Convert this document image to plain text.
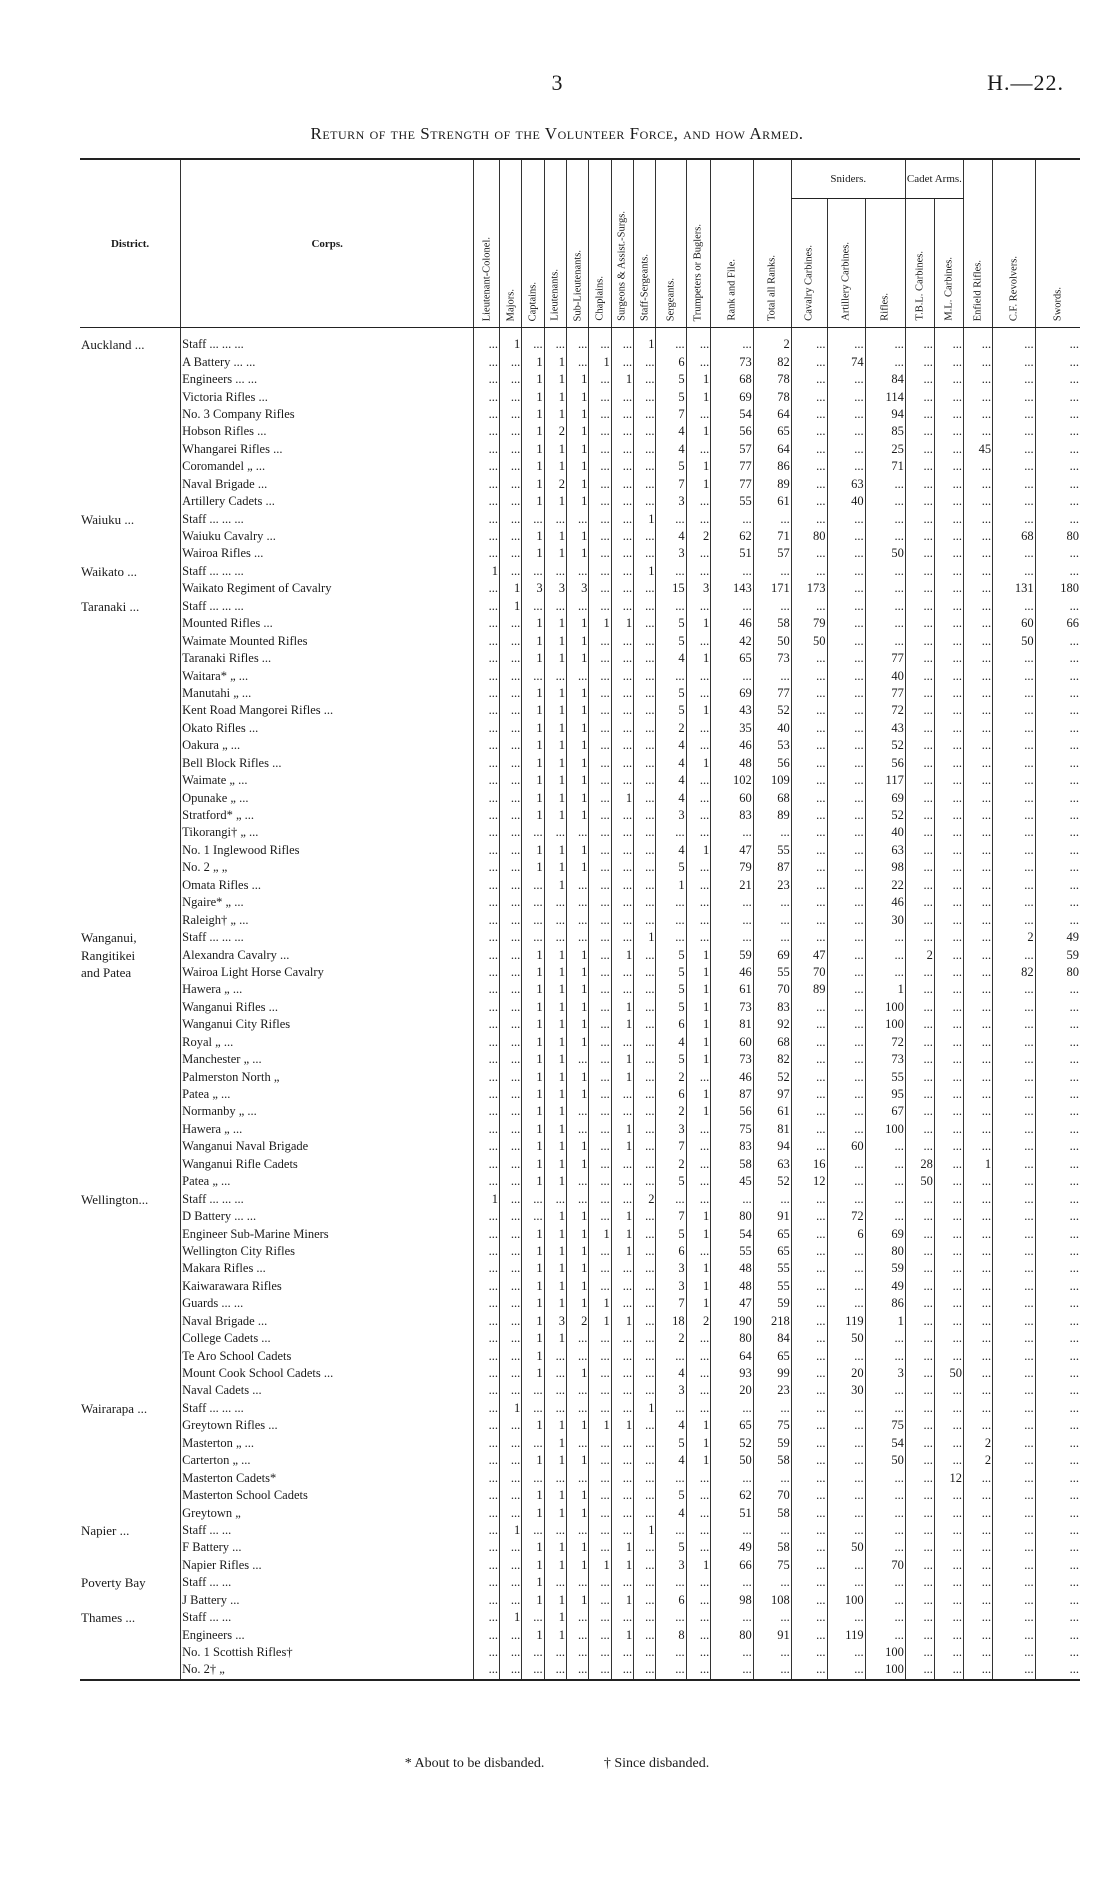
3	H.—22.
Return of the Strength of the Volunteer Force, and how Armed.
District.	Corps.	Lieutenant-Colonel.	Majors.	Captains.	Lieutenants.	Sub-Lieutenants.	Chaplains.	Surgeons & Assist.-Surgs.	Staff-Sergeants.	Sergeants.	Trumpeters or Buglers.	Rank and File.	Total all Ranks.	Sniders.			Cadet Arms.		Enfield Rifles.	C.F. Revolvers.	Swords.

														Cavalry Carbines.	Artillery Carbines.	Rifles.	T.B.L. Carbines.	M.L. Carbines.			

Auckland ...	Staff ... ... ...	...	1	...	...	...	...	...	1	...	...	...	2	...	...	...	...	...	...	...	...
	A Battery ... ...	...	...	1	1	...	1	...	...	6	...	73	82	...	74	...	...	...	...	...	...
	Engineers ... ...	...	...	1	1	1	...	1	...	5	1	68	78	...	...	84	...	...	...	...	...
	Victoria Rifles ...	...	...	1	1	1	...	...	...	5	1	69	78	...	...	114	...	...	...	...	...
	No. 3 Company Rifles	...	...	1	1	1	...	...	...	7	...	54	64	...	...	94	...	...	...	...	...
	Hobson Rifles ...	...	...	1	2	1	...	...	...	4	1	56	65	...	...	85	...	...	...	...	...
	Whangarei Rifles ...	...	...	1	1	1	...	...	...	4	...	57	64	...	...	25	...	...	45	...	...
	Coromandel „ ...	...	...	1	1	1	...	...	...	5	1	77	86	...	...	71	...	...	...	...	...
	Naval Brigade ...	...	...	1	2	1	...	...	...	7	1	77	89	...	63	...	...	...	...	...	...
	Artillery Cadets ...	...	...	1	1	1	...	...	...	3	...	55	61	...	40	...	...	...	...	...	...
Waiuku ...	Staff ... ... ...	...	...	...	...	...	...	...	1	...	...	...	...	...	...	...	...	...	...	...	...
	Waiuku Cavalry ...	...	...	1	1	1	...	...	...	4	2	62	71	80	...	...	...	...	...	68	80
	Wairoa Rifles ...	...	...	1	1	1	...	...	...	3	...	51	57	...	...	50	...	...	...	...	...
Waikato ...	Staff ... ... ...	1	...	...	...	...	...	...	1	...	...	...	...	...	...	...	...	...	...	...	...
	Waikato Regiment of Cavalry	...	1	3	3	3	...	...	...	15	3	143	171	173	...	...	...	...	...	131	180
Taranaki ...	Staff ... ... ...	...	1	...	...	...	...	...	...	...	...	...	...	...	...	...	...	...	...	...	...
	Mounted Rifles ...	...	...	1	1	1	1	1	...	5	1	46	58	79	...	...	...	...	...	60	66
	Waimate Mounted Rifles	...	...	1	1	1	...	...	...	5	...	42	50	50	...	...	...	...	...	50	...
	Taranaki Rifles ...	...	...	1	1	1	...	...	...	4	1	65	73	...	...	77	...	...	...	...	...
	Waitara* „ ...	...	...	...	...	...	...	...	...	...	...	...	...	...	...	40	...	...	...	...	...
	Manutahi „ ...	...	...	1	1	1	...	...	...	5	...	69	77	...	...	77	...	...	...	...	...
	Kent Road Mangorei Rifles ...	...	...	1	1	1	...	...	...	5	1	43	52	...	...	72	...	...	...	...	...
	Okato Rifles ...	...	...	1	1	1	...	...	...	2	...	35	40	...	...	43	...	...	...	...	...
	Oakura „ ...	...	...	1	1	1	...	...	...	4	...	46	53	...	...	52	...	...	...	...	...
	Bell Block Rifles ...	...	...	1	1	1	...	...	...	4	1	48	56	...	...	56	...	...	...	...	...
	Waimate „ ...	...	...	1	1	1	...	...	...	4	...	102	109	...	...	117	...	...	...	...	...
	Opunake „ ...	...	...	1	1	1	...	1	...	4	...	60	68	...	...	69	...	...	...	...	...
	Stratford* „ ...	...	...	1	1	1	...	...	...	3	...	83	89	...	...	52	...	...	...	...	...
	Tikorangi† „ ...	...	...	...	...	...	...	...	...	...	...	...	...	...	...	40	...	...	...	...	...
	No. 1 Inglewood Rifles	...	...	1	1	1	...	...	...	4	1	47	55	...	...	63	...	...	...	...	...
	No. 2 „ „	...	...	1	1	1	...	...	...	5	...	79	87	...	...	98	...	...	...	...	...
	Omata Rifles ...	...	...	...	1	...	...	...	...	1	...	21	23	...	...	22	...	...	...	...	...
	Ngaire* „ ...	...	...	...	...	...	...	...	...	...	...	...	...	...	...	46	...	...	...	...	...
	Raleigh† „ ...	...	...	...	...	...	...	...	...	...	...	...	...	...	...	30	...	...	...	...	...
Wanganui,	Staff ... ... ...	...	...	...	...	...	...	...	1	...	...	...	...	...	...	...	...	...	...	2	49
Rangitikei	Alexandra Cavalry ...	...	...	1	1	1	...	1	...	5	1	59	69	47	...	...	2	...	...	...	59
and Patea	Wairoa Light Horse Cavalry	...	...	1	1	1	...	...	...	5	1	46	55	70	...	...	...	...	...	82	80
	Hawera „ ...	...	...	1	1	1	...	...	...	5	1	61	70	89	...	1	...	...	...	...	...
	Wanganui Rifles ...	...	...	1	1	1	...	1	...	5	1	73	83	...	...	100	...	...	...	...	...
	Wanganui City Rifles	...	...	1	1	1	...	1	...	6	1	81	92	...	...	100	...	...	...	...	...
	Royal „ ...	...	...	1	1	1	...	...	...	4	1	60	68	...	...	72	...	...	...	...	...
	Manchester „ ...	...	...	1	1	...	...	1	...	5	1	73	82	...	...	73	...	...	...	...	...
	Palmerston North „	...	...	1	1	1	...	1	...	2	...	46	52	...	...	55	...	...	...	...	...
	Patea „ ...	...	...	1	1	1	...	...	...	6	1	87	97	...	...	95	...	...	...	...	...
	Normanby „ ...	...	...	1	1	...	...	...	...	2	1	56	61	...	...	67	...	...	...	...	...
	Hawera „ ...	...	...	1	1	...	...	1	...	3	...	75	81	...	...	100	...	...	...	...	...
	Wanganui Naval Brigade	...	...	1	1	1	...	1	...	7	...	83	94	...	60	...	...	...	...	...	...
	Wanganui Rifle Cadets	...	...	1	1	1	...	...	...	2	...	58	63	16	...	...	28	...	1	...	...
	Patea „ ...	...	...	1	1	...	...	...	...	5	...	45	52	12	...	...	50	...	...	...	...
Wellington...	Staff ... ... ...	1	...	...	...	...	...	...	2	...	...	...	...	...	...	...	...	...	...	...	...
	D Battery ... ...	...	...	...	1	1	...	1	...	7	1	80	91	...	72	...	...	...	...	...	...
	Engineer Sub-Marine Miners	...	...	1	1	1	1	1	...	5	1	54	65	...	6	69	...	...	...	...	...
	Wellington City Rifles	...	...	1	1	1	...	1	...	6	...	55	65	...	...	80	...	...	...	...	...
	Makara Rifles ...	...	...	1	1	1	...	...	...	3	1	48	55	...	...	59	...	...	...	...	...
	Kaiwarawara Rifles	...	...	1	1	1	...	...	...	3	1	48	55	...	...	49	...	...	...	...	...
	Guards ... ...	...	...	1	1	1	1	...	...	7	1	47	59	...	...	86	...	...	...	...	...
	Naval Brigade ...	...	...	1	3	2	1	1	...	18	2	190	218	...	119	1	...	...	...	...	...
	College Cadets ...	...	...	1	1	...	...	...	...	2	...	80	84	...	50	...	...	...	...	...	...
	Te Aro School Cadets	...	...	1	...	...	...	...	...	...	...	64	65	...	...	...	...	...	...	...	...
	Mount Cook School Cadets ...	...	...	1	...	1	...	...	...	4	...	93	99	...	20	3	...	50	...	...	...
	Naval Cadets ...	...	...	...	...	...	...	...	...	3	...	20	23	...	30	...	...	...	...	...	...
Wairarapa ...	Staff ... ... ...	...	1	...	...	...	...	...	1	...	...	...	...	...	...	...	...	...	...	...	...
	Greytown Rifles ...	...	...	1	1	1	1	1	...	4	1	65	75	...	...	75	...	...	...	...	...
	Masterton „ ...	...	...	...	1	...	...	...	...	5	1	52	59	...	...	54	...	...	2	...	...
	Carterton „ ...	...	...	1	1	1	...	...	...	4	1	50	58	...	...	50	...	...	2	...	...
	Masterton Cadets*	...	...	...	...	...	...	...	...	...	...	...	...	...	...	...	...	12	...	...	...
	Masterton School Cadets	...	...	1	1	1	...	...	...	5	...	62	70	...	...	...	...	...	...	...	...
	Greytown „	...	...	1	1	1	...	...	...	4	...	51	58	...	...	...	...	...	...	...	...
Napier ...	Staff ... ...	...	1	...	...	...	...	...	1	...	...	...	...	...	...	...	...	...	...	...	...
	F Battery ...	...	...	1	1	1	...	1	...	5	...	49	58	...	50	...	...	...	...	...	...
	Napier Rifles ...	...	...	1	1	1	1	1	...	3	1	66	75	...	...	70	...	...	...	...	...
Poverty Bay	Staff ... ...	...	...	1	...	...	...	...	...	...	...	...	...	...	...	...	...	...	...	...	...
	J Battery ...	...	...	1	1	1	...	1	...	6	...	98	108	...	100	...	...	...	...	...	...
Thames ...	Staff ... ...	...	1	...	1	...	...	...	...	...	...	...	...	...	...	...	...	...	...	...	...
	Engineers ...	...	...	1	1	...	...	1	...	8	...	80	91	...	119	...	...	...	...	...	...
	No. 1 Scottish Rifles†	...	...	...	...	...	...	...	...	...	...	...	...	...	...	100	...	...	...	...	...
	No. 2† „	...	...	...	...	...	...	...	...	...	...	...	...	...	...	100	...	...	...	...	...
* About to be disbanded.	† Since disbanded.
